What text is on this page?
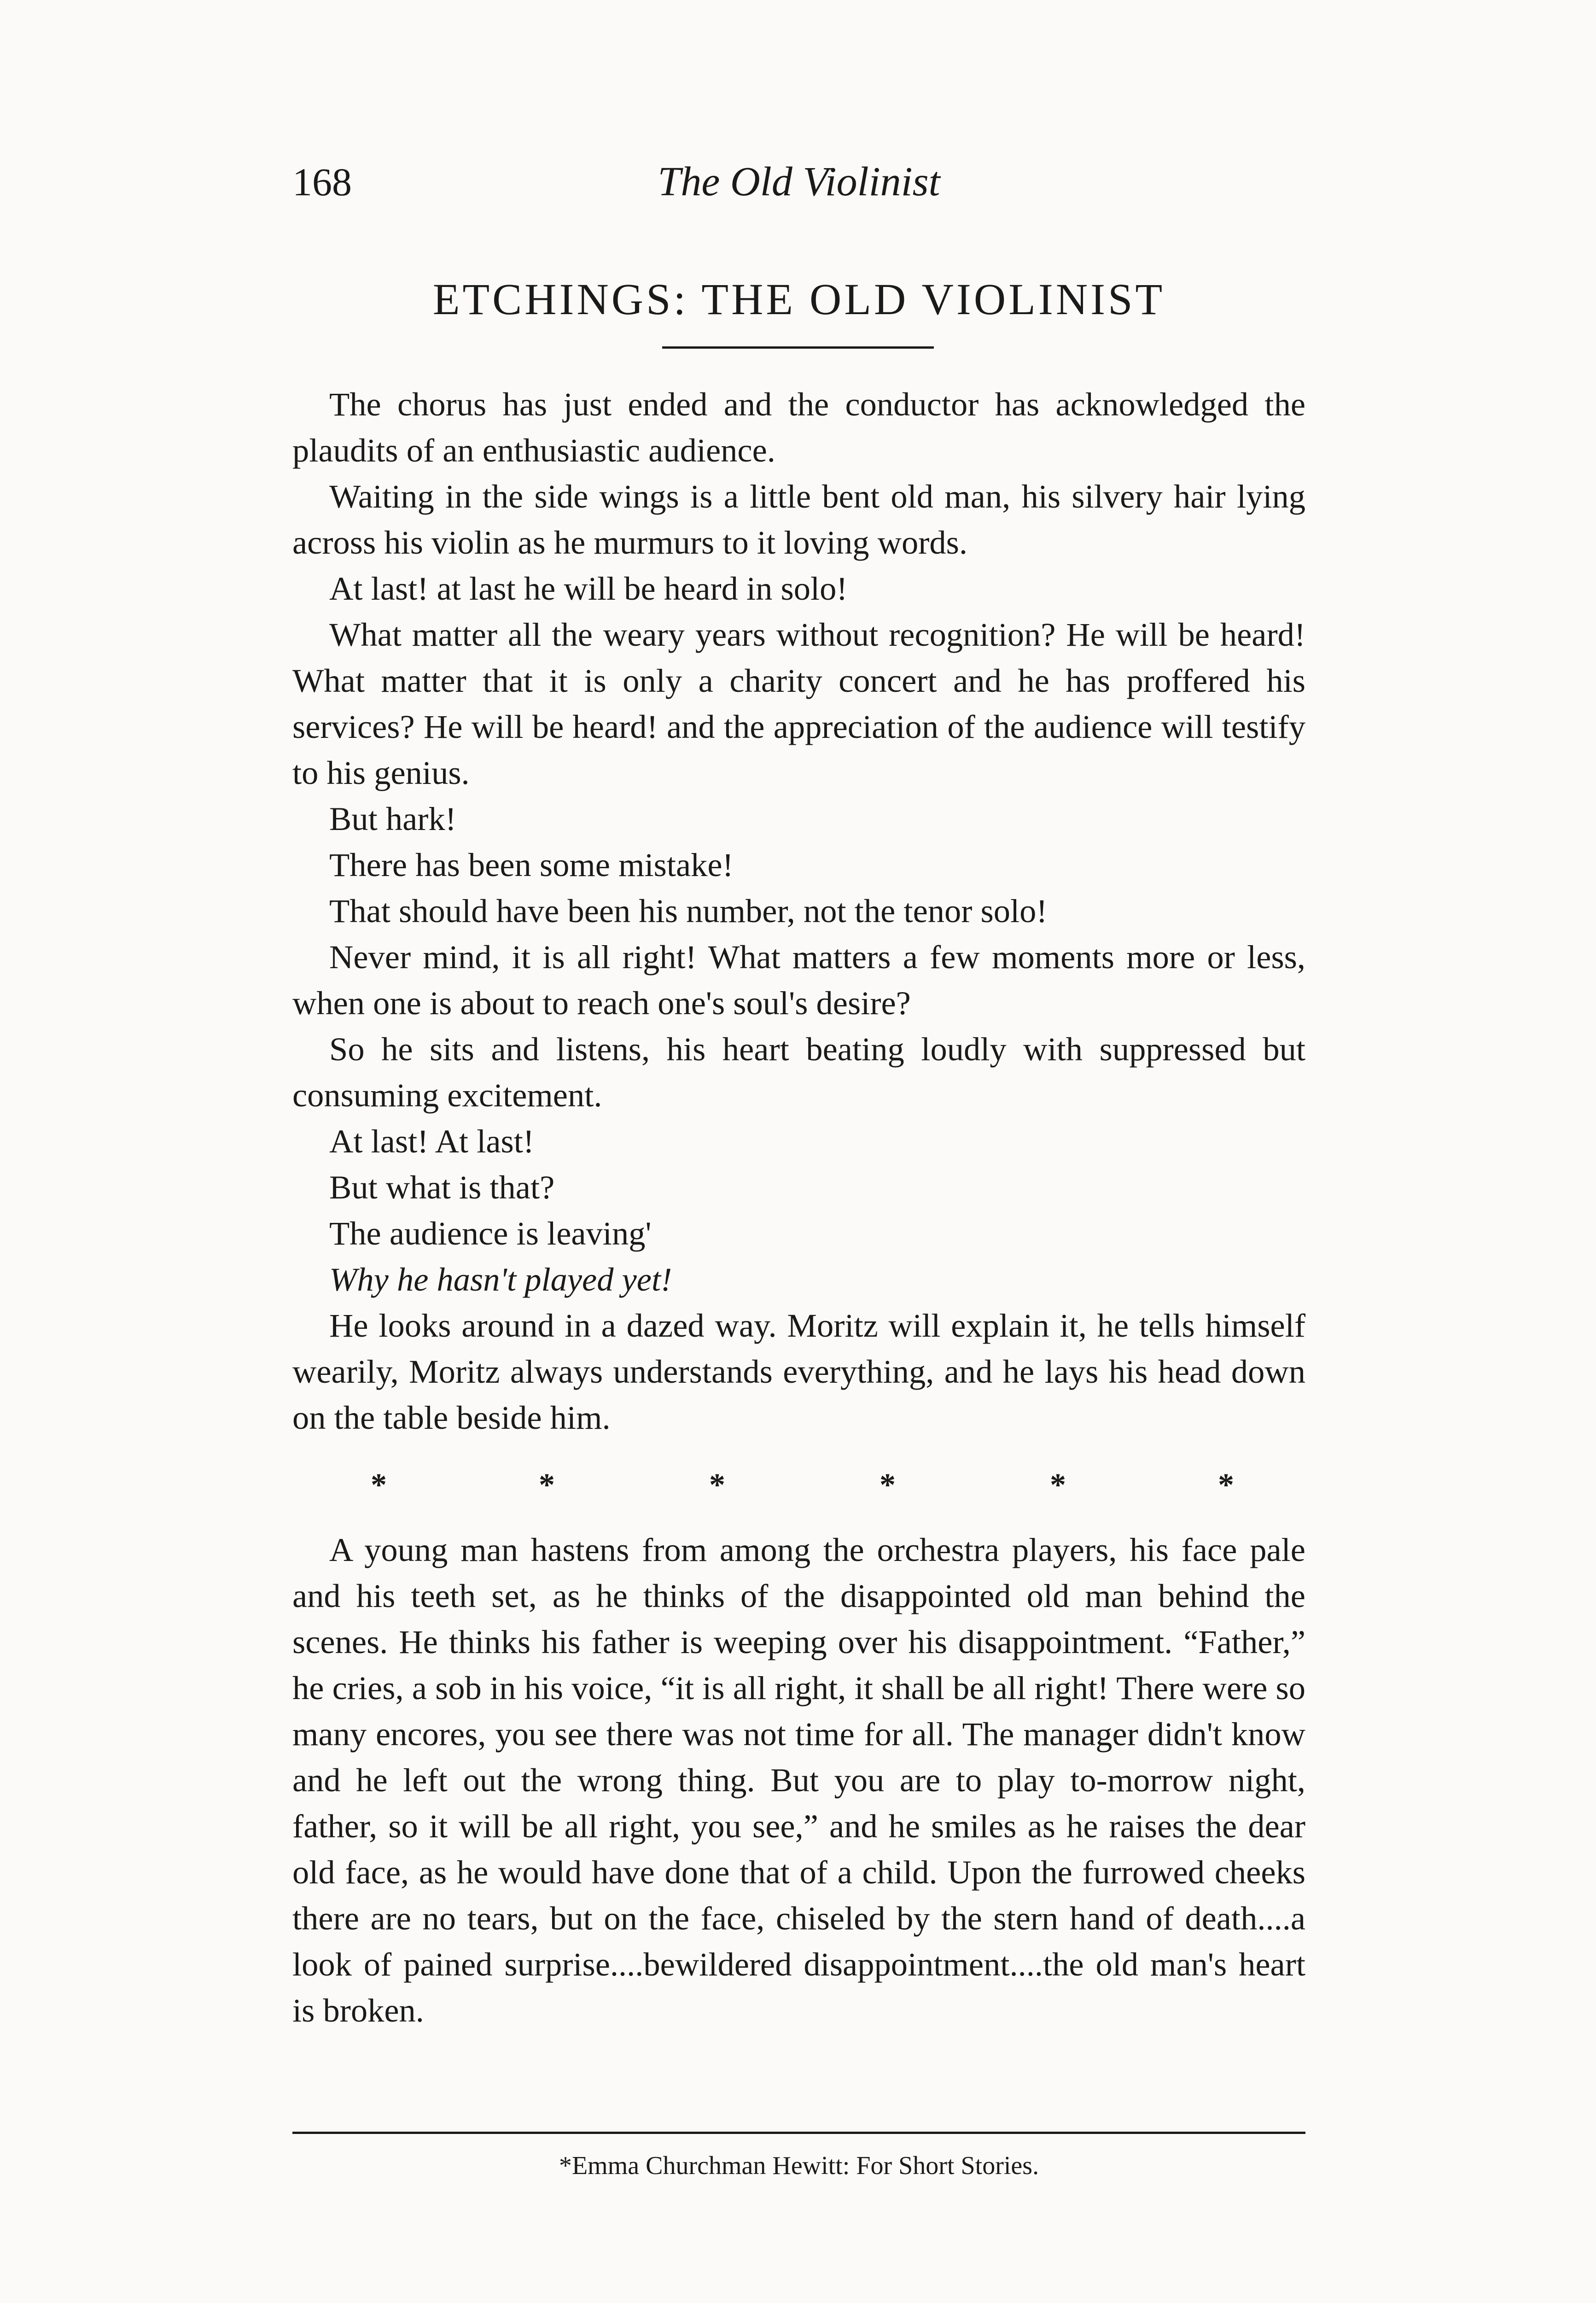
The Old Violinist
168
ETCHINGS: THE OLD VIOLINIST

The chorus has just ended and the conductor has acknowledged the plaudits of an enthusiastic audience.

Waiting in the side wings is a little bent old man, his silvery hair lying across his violin as he murmurs to it loving words.

At last! at last he will be heard in solo!

What matter all the weary years without recognition? He will be heard! What matter that it is only a charity concert and he has proffered his services? He will be heard! and the appreciation of the audience will testify to his genius.

But hark!

There has been some mistake!

That should have been his number, not the tenor solo!

Never mind, it is all right! What matters a few moments more or less, when one is about to reach one's soul's desire?

So he sits and listens, his heart beating loudly with suppressed but consuming excitement.

At last! At last!

But what is that?

The audience is leaving'

Why he hasn't played yet!

He looks around in a dazed way. Moritz will explain it, he tells himself wearily, Moritz always understands everything, and he lays his head down on the table beside him.

*	*	*	*	*	*

A young man hastens from among the orchestra players, his face pale and his teeth set, as he thinks of the disappointed old man behind the scenes. He thinks his father is weeping over his disappointment. “Father,” he cries, a sob in his voice, “it is all right, it shall be all right! There were so many encores, you see there was not time for all. The manager didn't know and he left out the wrong thing. But you are to play to-morrow night, father, so it will be all right, you see,” and he smiles as he raises the dear old face, as he would have done that of a child. Upon the furrowed cheeks there are no tears, but on the face, chiseled by the stern hand of death....a look of pained surprise....bewildered disappointment....the old man's heart is broken.

*Emma Churchman Hewitt: For Short Stories.
